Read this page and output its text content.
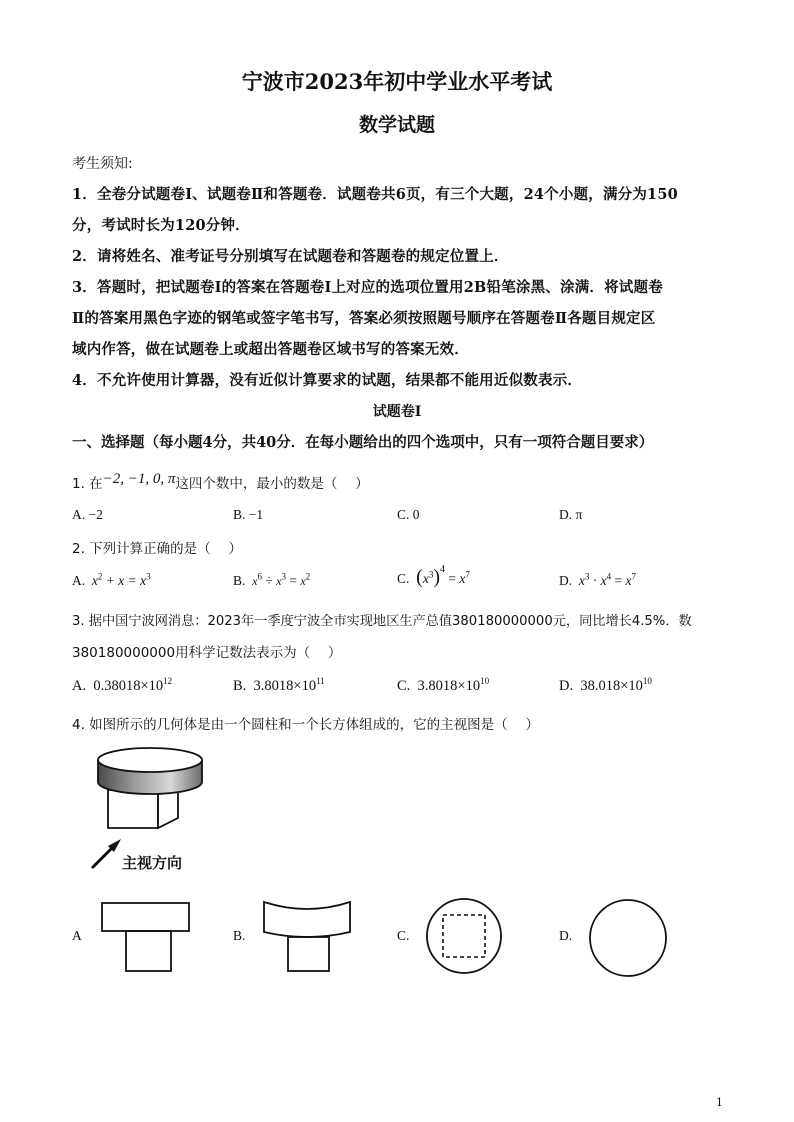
宁波市2023年初中学业水平考试
数学试题
考生须知:
1．全卷分试题卷Ⅰ、试题卷Ⅱ和答题卷．试题卷共6页，有三个大题，24个小题，满分为150
分，考试时长为120分钟．
2．请将姓名、准考证号分别填写在试题卷和答题卷的规定位置上．
3．答题时，把试题卷Ⅰ的答案在答题卷Ⅰ上对应的选项位置用2B铅笔涂黑、涂满．将试题卷
Ⅱ的答案用黑色字迹的钢笔或签字笔书写，答案必须按照题号顺序在答题卷Ⅱ各题目规定区
域内作答，做在试题卷上或超出答题卷区域书写的答案无效．
4．不允许使用计算器，没有近似计算要求的试题，结果都不能用近似数表示．
试题卷Ⅰ
一、选择题（每小题4分，共40分．在每小题给出的四个选项中，只有一项符合题目要求）
1. 在−2, −1, 0, π这四个数中，最小的数是（　 ）
A. −2	B. −1	C. 0	D. π
2. 下列计算正确的是（　 ）
A. $x^2 + x = x^3$	B. $x^6 \div x^3 = x^2$	C. $(x^3)^4 = x^7$	D. $x^3 \cdot x^4 = x^7$
3. 据中国宁波网消息：2023年一季度宁波全市实现地区生产总值380180000000元，同比增长4.5%．数
380180000000用科学记数法表示为（　 ）
A. $0.38018\times 10^{12}$	B. $3.8018\times 10^{11}$	C. $3.8018\times 10^{10}$	D. $38.018\times 10^{10}$
4. 如图所示的几何体是由一个圆柱和一个长方体组成的，它的主视图是（　 ）
主视方向
A	B.	C.	D.
1
